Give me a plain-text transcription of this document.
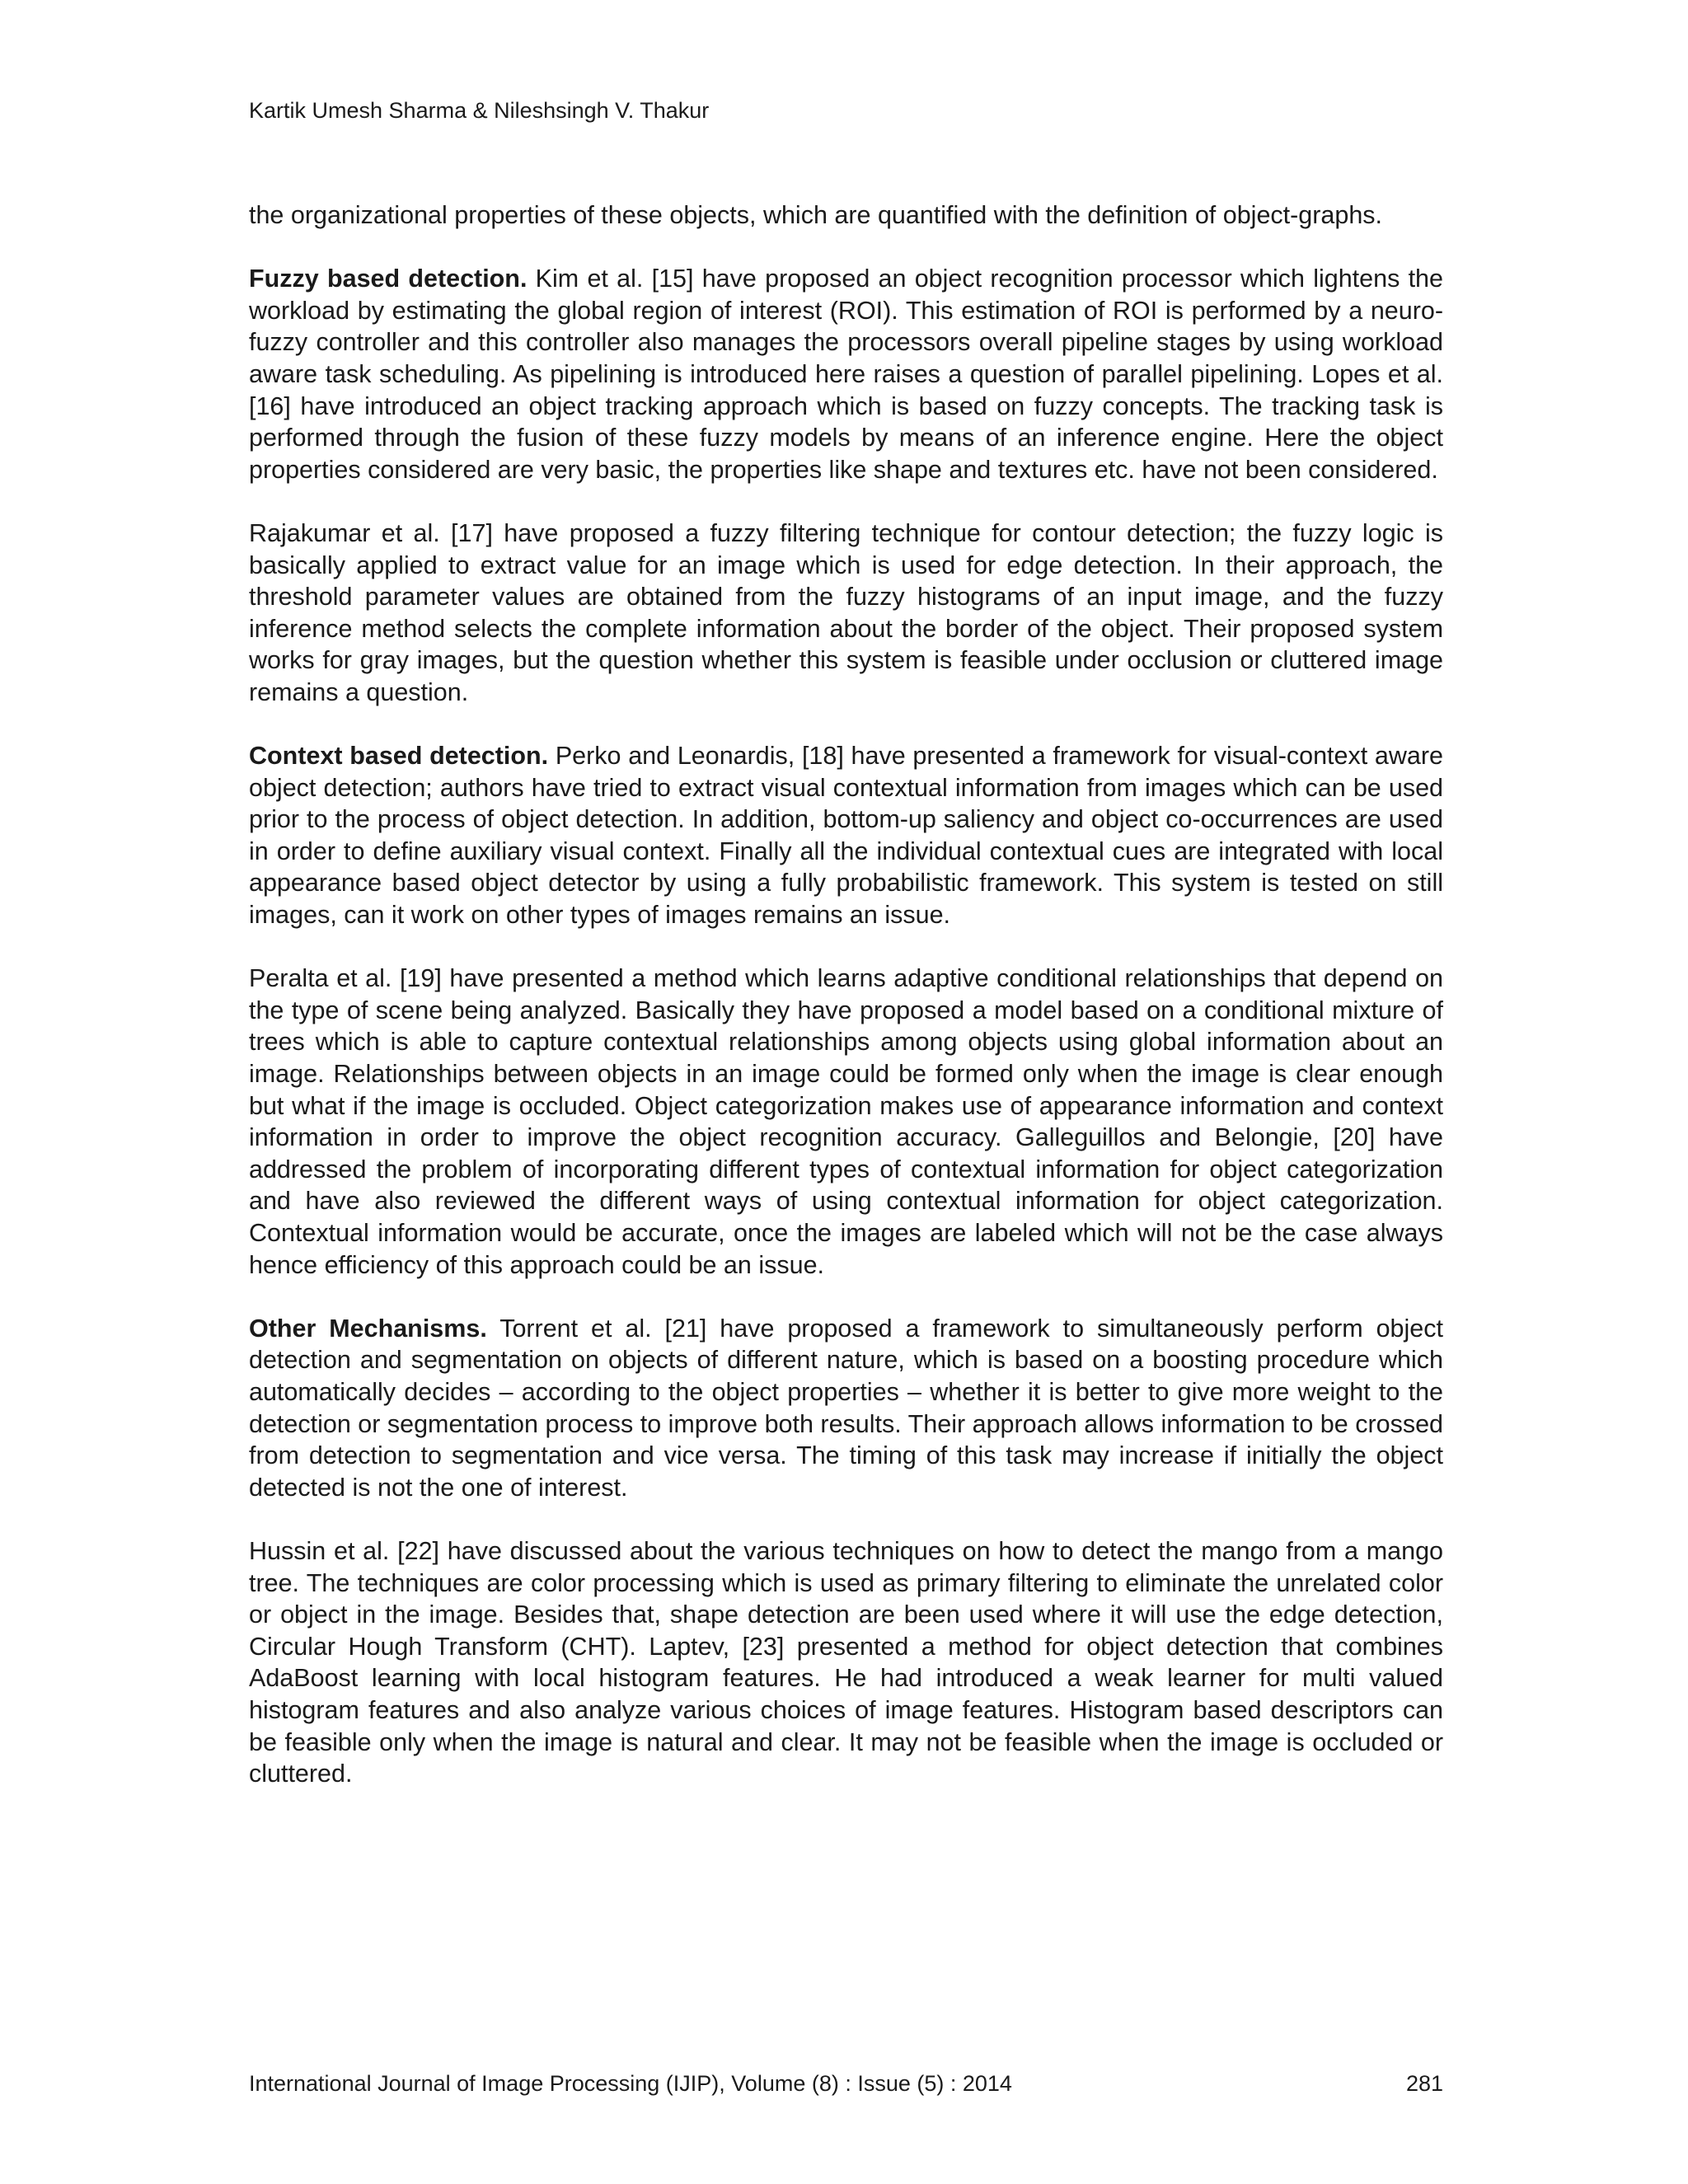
Kartik Umesh Sharma & Nileshsingh V. Thakur

the organizational properties of these objects, which are quantified with the definition of object-graphs.

Fuzzy based detection. Kim et al. [15] have proposed an object recognition processor which lightens the workload by estimating the global region of interest (ROI). This estimation of ROI is performed by a neuro-fuzzy controller and this controller also manages the processors overall pipeline stages by using workload aware task scheduling. As pipelining is introduced here raises a question of parallel pipelining. Lopes et al. [16] have introduced an object tracking approach which is based on fuzzy concepts. The tracking task is performed through the fusion of these fuzzy models by means of an inference engine. Here the object properties considered are very basic, the properties like shape and textures etc. have not been considered.

Rajakumar et al. [17] have proposed a fuzzy filtering technique for contour detection; the fuzzy logic is basically applied to extract value for an image which is used for edge detection. In their approach, the threshold parameter values are obtained from the fuzzy histograms of an input image, and the fuzzy inference method selects the complete information about the border of the object. Their proposed system works for gray images, but the question whether this system is feasible under occlusion or cluttered image remains a question.

Context based detection. Perko and Leonardis, [18] have presented a framework for visual-context aware object detection; authors have tried to extract visual contextual information from images which can be used prior to the process of object detection. In addition, bottom-up saliency and object co-occurrences are used in order to define auxiliary visual context. Finally all the individual contextual cues are integrated with local appearance based object detector by using a fully probabilistic framework. This system is tested on still images, can it work on other types of images remains an issue.

Peralta et al. [19] have presented a method which learns adaptive conditional relationships that depend on the type of scene being analyzed. Basically they have proposed a model based on a conditional mixture of trees which is able to capture contextual relationships among objects using global information about an image. Relationships between objects in an image could be formed only when the image is clear enough but what if the image is occluded. Object categorization makes use of appearance information and context information in order to improve the object recognition accuracy. Galleguillos and Belongie, [20] have addressed the problem of incorporating different types of contextual information for object categorization and have also reviewed the different ways of using contextual information for object categorization. Contextual information would be accurate, once the images are labeled which will not be the case always hence efficiency of this approach could be an issue.

Other Mechanisms. Torrent et al. [21] have proposed a framework to simultaneously perform object detection and segmentation on objects of different nature, which is based on a boosting procedure which automatically decides – according to the object properties – whether it is better to give more weight to the detection or segmentation process to improve both results. Their approach allows information to be crossed from detection to segmentation and vice versa. The timing of this task may increase if initially the object detected is not the one of interest.

Hussin et al. [22] have discussed about the various techniques on how to detect the mango from a mango tree. The techniques are color processing which is used as primary filtering to eliminate the unrelated color or object in the image. Besides that, shape detection are been used where it will use the edge detection, Circular Hough Transform (CHT). Laptev, [23] presented a method for object detection that combines AdaBoost learning with local histogram features. He had introduced a weak learner for multi valued histogram features and also analyze various choices of image features. Histogram based descriptors can be feasible only when the image is natural and clear. It may not be feasible when the image is occluded or cluttered.

International Journal of Image Processing (IJIP), Volume (8) : Issue (5) : 2014	281
